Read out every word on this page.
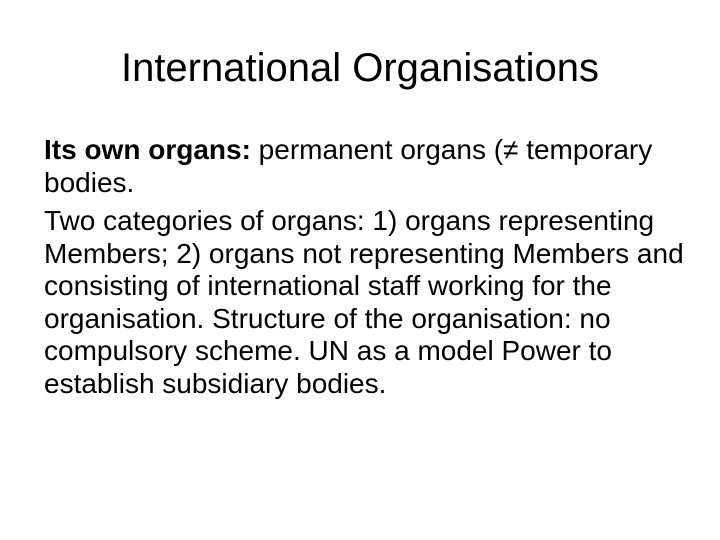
International Organisations

Its own organs: permanent organs (≠ temporary bodies.

Two categories of organs: 1) organs representing Members; 2) organs not representing Members and consisting of international staff working for the organisation. Structure of the organisation: no compulsory scheme. UN as a model Power to establish subsidiary bodies.
